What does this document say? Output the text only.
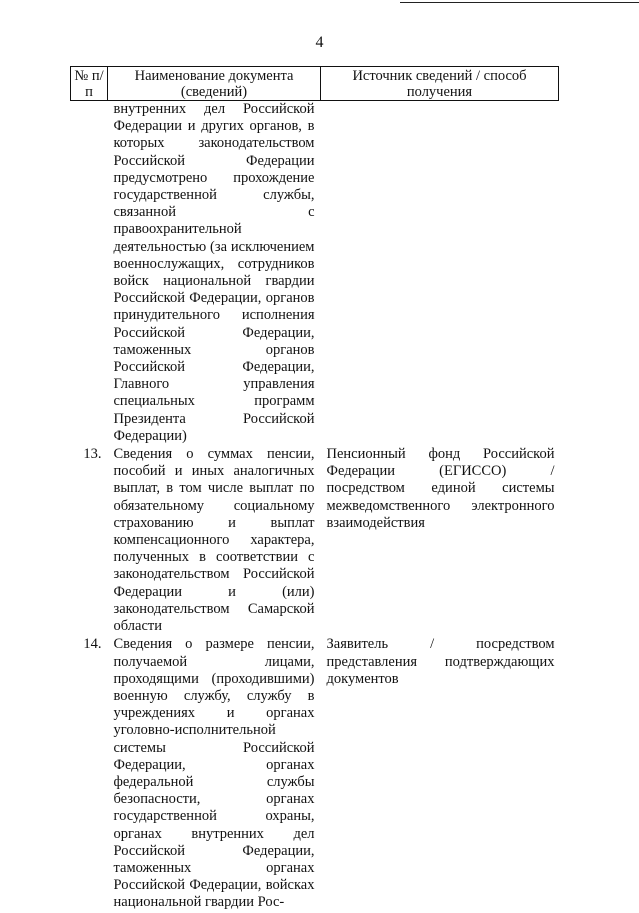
4
№ п/п	Наименование документа (сведений)	Источник сведений / способ получения
	внутренних дел Российской Федерации и других органов, в которых законодательством Российской Федерации предусмотрено прохождение государственной службы, связанной с правоохранительной деятельностью (за исключением военнослужащих, сотрудников войск национальной гвардии Российской Федерации, органов принудительного исполнения Российской Федерации, таможенных органов Российской Федерации, Главного управления специальных программ Президента Российской Федерации)	
13.	Сведения о суммах пенсии, пособий и иных аналогичных выплат, в том числе выплат по обязательному социальному страхованию и выплат компенсационного характера, полученных в соответствии с законодательством Российской Федерации и (или) законодательством Самарской области	Пенсионный фонд Российской Федерации (ЕГИССО) / посредством единой системы межведомственного электронного взаимодействия
14.	Сведения о размере пенсии, получаемой лицами, проходящими (проходившими) военную службу, службу в учреждениях и органах уголовно-исполнительной системы Российской Федерации, органах федеральной службы безопасности, органах государственной охраны, органах внутренних дел Российской Федерации, таможенных органах Российской Федерации, войсках национальной гвардии Рос-	Заявитель / посредством представления подтверждающих документов
